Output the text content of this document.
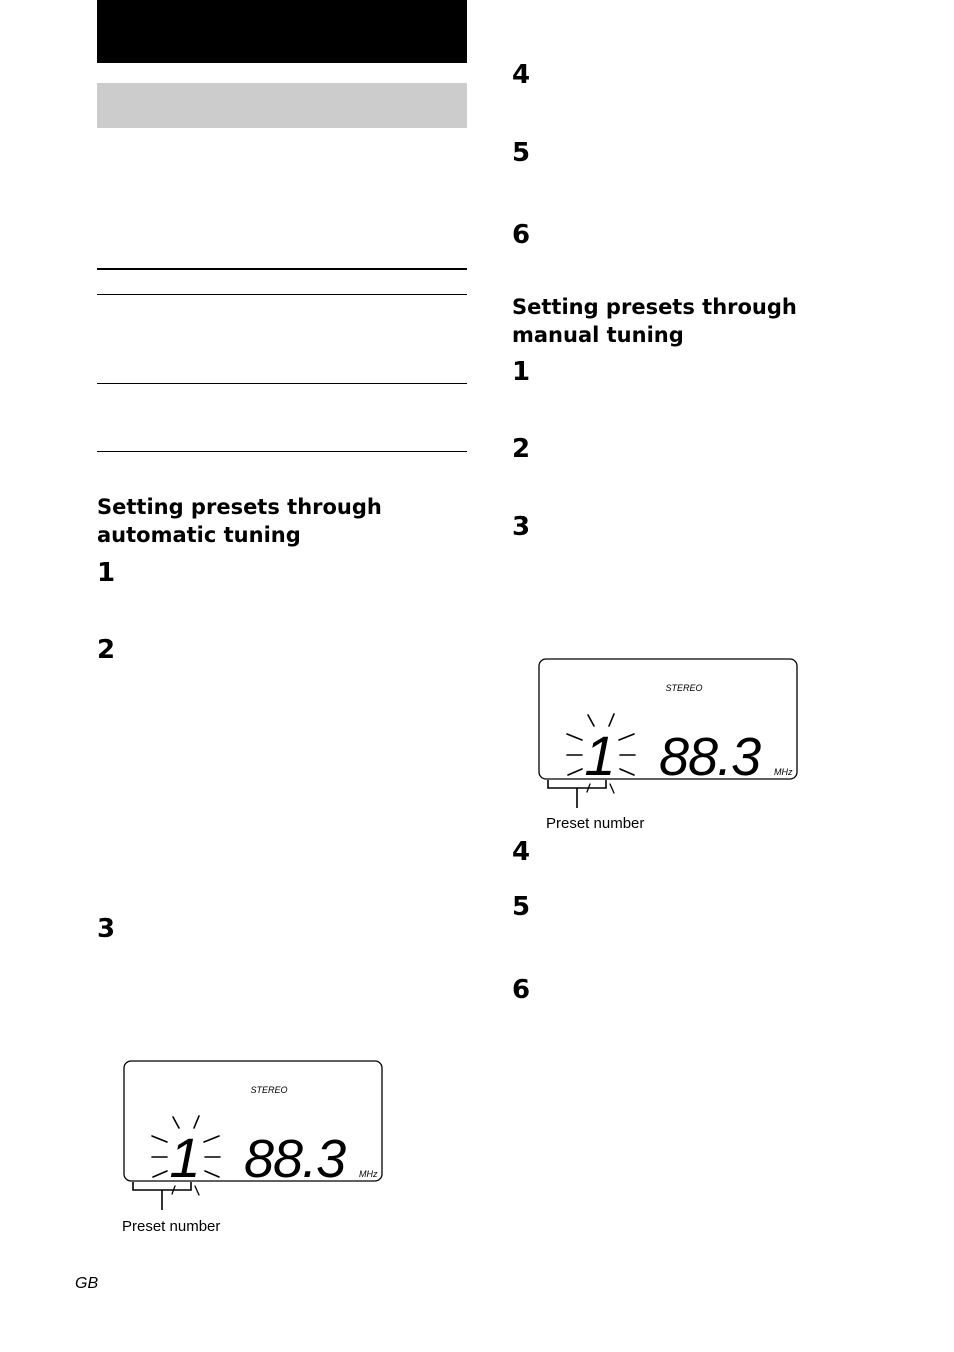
Setting presets through
automatic tuning
1
2
3
4
5
6
Setting presets through
manual tuning
1
2
3
4
5
6
STEREO
1 88.3 MHz
Preset number
STEREO
1 88.3 MHz
Preset number
GB
